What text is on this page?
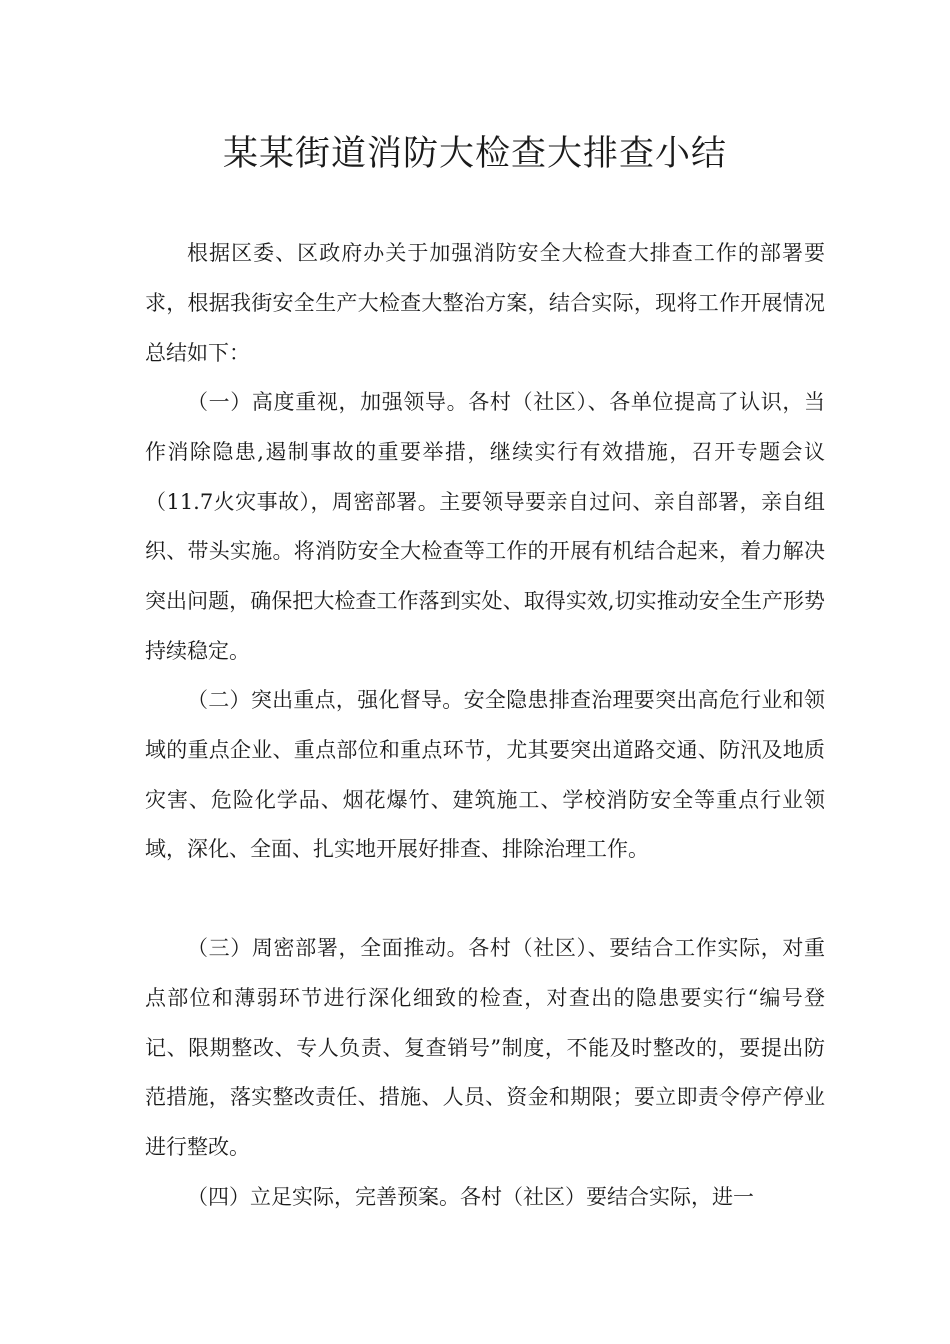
某某街道消防大检查大排查小结

根据区委、区政府办关于加强消防安全大检查大排查工作的部署要求，根据我街安全生产大检查大整治方案，结合实际，现将工作开展情况总结如下：

（一）高度重视，加强领导。各村（社区）、各单位提高了认识，当作消除隐患,遏制事故的重要举措，继续实行有效措施，召开专题会议（11.7火灾事故），周密部署。主要领导要亲自过问、亲自部署，亲自组织、带头实施。将消防安全大检查等工作的开展有机结合起来，着力解决突出问题，确保把大检查工作落到实处、取得实效,切实推动安全生产形势持续稳定。

（二）突出重点，强化督导。安全隐患排查治理要突出高危行业和领域的重点企业、重点部位和重点环节，尤其要突出道路交通、防汛及地质灾害、危险化学品、烟花爆竹、建筑施工、学校消防安全等重点行业领域，深化、全面、扎实地开展好排查、排除治理工作。

（三）周密部署，全面推动。各村（社区）、要结合工作实际，对重点部位和薄弱环节进行深化细致的检查，对查出的隐患要实行“编号登记、限期整改、专人负责、复查销号”制度，不能及时整改的，要提出防范措施，落实整改责任、措施、人员、资金和期限；要立即责令停产停业进行整改。

（四）立足实际，完善预案。各村（社区）要结合实际，进一
